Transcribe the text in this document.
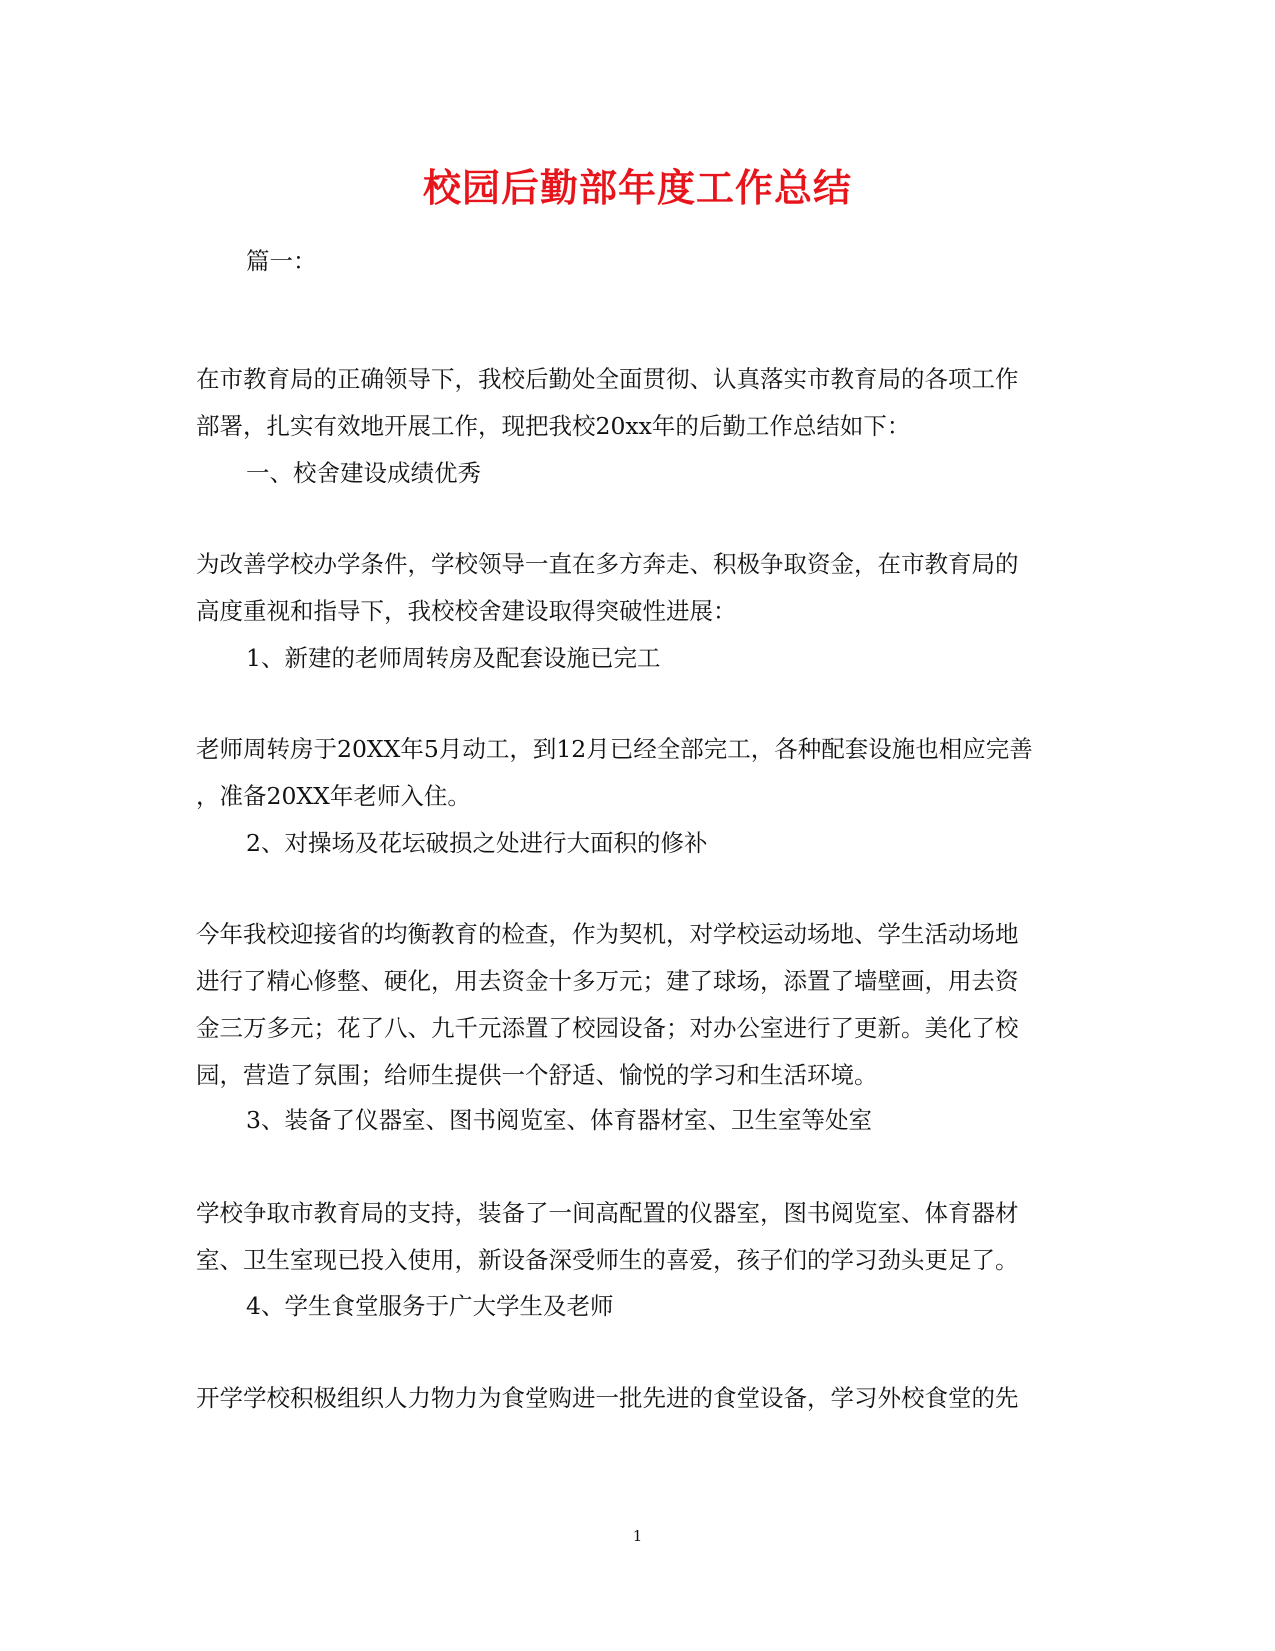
校园后勤部年度工作总结
篇一：
在市教育局的正确领导下，我校后勤处全面贯彻、认真落实市教育局的各项工作
部署，扎实有效地开展工作，现把我校20xx年的后勤工作总结如下：
一、校舍建设成绩优秀
为改善学校办学条件，学校领导一直在多方奔走、积极争取资金，在市教育局的
高度重视和指导下，我校校舍建设取得突破性进展：
1、新建的老师周转房及配套设施已完工
老师周转房于20XX年5月动工，到12月已经全部完工，各种配套设施也相应完善
，准备20XX年老师入住。
2、对操场及花坛破损之处进行大面积的修补
今年我校迎接省的均衡教育的检查，作为契机，对学校运动场地、学生活动场地
进行了精心修整、硬化，用去资金十多万元；建了球场，添置了墙壁画，用去资
金三万多元；花了八、九千元添置了校园设备；对办公室进行了更新。美化了校
园，营造了氛围；给师生提供一个舒适、愉悦的学习和生活环境。
3、装备了仪器室、图书阅览室、体育器材室、卫生室等处室
学校争取市教育局的支持，装备了一间高配置的仪器室，图书阅览室、体育器材
室、卫生室现已投入使用，新设备深受师生的喜爱，孩子们的学习劲头更足了。
4、学生食堂服务于广大学生及老师
开学学校积极组织人力物力为食堂购进一批先进的食堂设备，学习外校食堂的先
1
